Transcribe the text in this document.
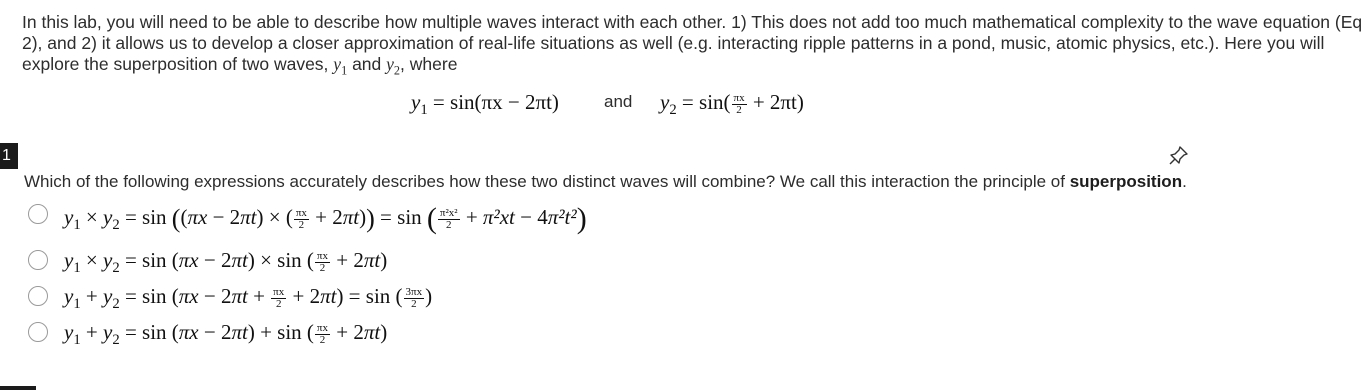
In this lab, you will need to be able to describe how multiple waves interact with each other. 1) This does not add too much mathematical complexity to the wave equation (Eq

2), and 2) it allows us to develop a closer approximation of real-life situations as well (e.g. interacting ripple patterns in a pond, music, atomic physics, etc.). Here you will

explore the superposition of two waves, $y_1$ and $y_2$, where

$y_1 = \sin(\pi x - 2\pi t)$	and $y_2 = \sin( \frac{\pi x}{2} + 2\pi t)$
1
Which of the following expressions accurately describes how these two distinct waves will combine? We call this interaction the principle of superposition.
$y_1 \times y_2 = \sin ((\pi x - 2\pi t)$ × ( $\frac{\pi x}{2} + 2\pi t)) = \sin$ ( $\frac{\text{π²x²}}{2} + \pi^2xt - 4\pi^2t^2$)
$y_1 \times y_2 = \sin (\pi x - 2\pi t) \times \sin$ ( $\frac{\pi x}{2} + 2\pi t$)
$y_1 + y_2 = \sin (\pi x - 2\pi t + \frac{\pi x}{2} + 2\pi t) = \sin$ ( $\frac{3\pi x}{2}$ )
$y_1 + y_2 = \sin (\pi x - 2\pi t) + \sin$ ( $\frac{\pi x}{2} + 2\pi t$)
